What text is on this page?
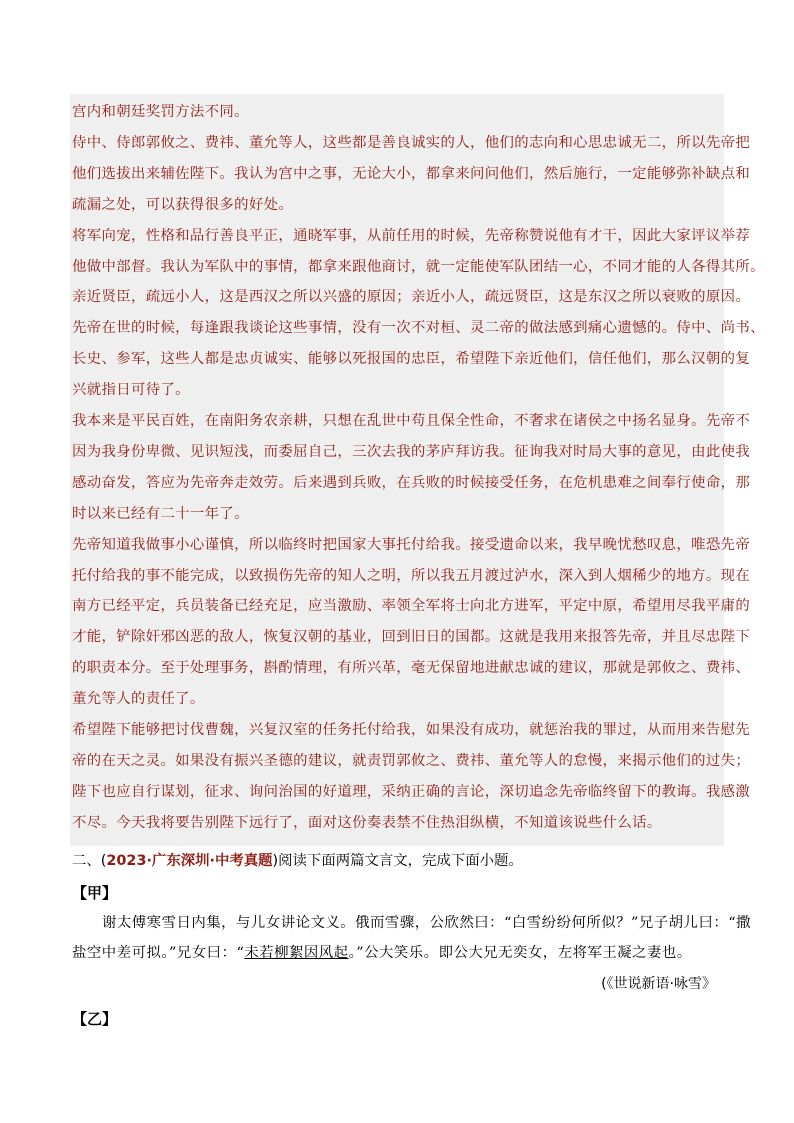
宫内和朝廷奖罚方法不同。
侍中、侍郎郭攸之、费祎、董允等人，这些都是善良诚实的人，他们的志向和心思忠诚无二，所以先帝把
他们选拔出来辅佐陛下。我认为宫中之事，无论大小，都拿来问问他们，然后施行，一定能够弥补缺点和
疏漏之处，可以获得很多的好处。
将军向宠，性格和品行善良平正，通晓军事，从前任用的时候，先帝称赞说他有才干，因此大家评议举荐
他做中部督。我认为军队中的事情，都拿来跟他商讨，就一定能使军队团结一心，不同才能的人各得其所。
亲近贤臣，疏远小人，这是西汉之所以兴盛的原因；亲近小人，疏远贤臣，这是东汉之所以衰败的原因。
先帝在世的时候，每逢跟我谈论这些事情，没有一次不对桓、灵二帝的做法感到痛心遗憾的。侍中、尚书、
长史、参军，这些人都是忠贞诚实、能够以死报国的忠臣，希望陛下亲近他们，信任他们，那么汉朝的复
兴就指日可待了。
我本来是平民百姓，在南阳务农亲耕，只想在乱世中苟且保全性命，不奢求在诸侯之中扬名显身。先帝不
因为我身份卑微、见识短浅，而委屈自己，三次去我的茅庐拜访我。征询我对时局大事的意见，由此使我
感动奋发，答应为先帝奔走效劳。后来遇到兵败，在兵败的时候接受任务，在危机患难之间奉行使命，那
时以来已经有二十一年了。
先帝知道我做事小心谨慎，所以临终时把国家大事托付给我。接受遗命以来，我早晚忧愁叹息，唯恐先帝
托付给我的事不能完成，以致损伤先帝的知人之明，所以我五月渡过泸水，深入到人烟稀少的地方。现在
南方已经平定，兵员装备已经充足，应当激励、率领全军将士向北方进军，平定中原，希望用尽我平庸的
才能，铲除奸邪凶恶的敌人，恢复汉朝的基业，回到旧日的国都。这就是我用来报答先帝，并且尽忠陛下
的职责本分。至于处理事务，斟酌情理，有所兴革，毫无保留地进献忠诚的建议，那就是郭攸之、费祎、
董允等人的责任了。
希望陛下能够把讨伐曹魏，兴复汉室的任务托付给我，如果没有成功，就惩治我的罪过，从而用来告慰先
帝的在天之灵。如果没有振兴圣德的建议，就责罚郭攸之、费祎、董允等人的怠慢，来揭示他们的过失；
陛下也应自行谋划，征求、询问治国的好道理，采纳正确的言论，深切追念先帝临终留下的教诲。我感激
不尽。今天我将要告别陛下远行了，面对这份奏表禁不住热泪纵横，不知道该说些什么话。
二、(2023·广东深圳·中考真题)阅读下面两篇文言文，完成下面小题。
【甲】
谢太傅寒雪日内集，与儿女讲论文义。俄而雪骤，公欣然曰：“白雪纷纷何所似？”兄子胡儿曰：“撒
盐空中差可拟。”兄女曰：“未若柳絮因风起。”公大笑乐。即公大兄无奕女，左将军王凝之妻也。
(《世说新语·咏雪》
【乙】
